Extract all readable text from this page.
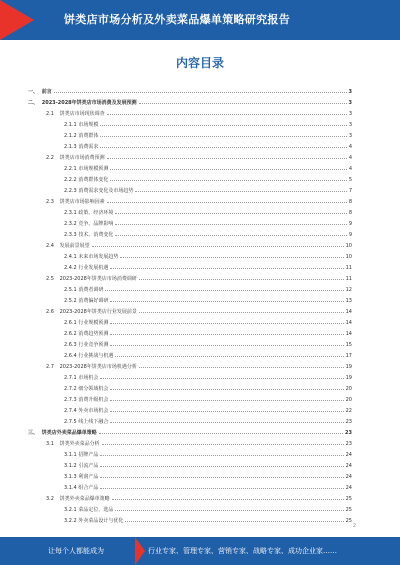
饼类店市场分析及外卖菜品爆单策略研究报告
内容目录
一、 前言	3
二、 2023-2028年饼类店市场消费及发展预测	3
2.1 饼类店市场现状调查	3
2.1.1 市场规模	3
2.1.2 消费群体	3
2.1.3 消费需求	4
2.2 饼类店市场消费预测	4
2.2.1 市场规模预测	4
2.2.2 消费群体变化	5
2.2.3 消费需求变化及市场趋势	7
2.3 饼类店市场影响因素	8
2.3.1 政策、经济环境	8
2.3.2 竞争、品牌影响	9
2.3.3 技术、消费变化	9
2.4 发展前景展望	10
2.4.1 未来市场发展趋势	10
2.4.2 行业发展机遇	11
2.5 2023-2028年饼类店市场消费调研	11
2.5.1 消费者调研	12
2.5.2 消费偏好调研	13
2.6 2023-2028年饼类店行业发展前景	14
2.6.1 行业规模预测	14
2.6.2 消费趋势预测	14
2.6.3 行业竞争预测	15
2.6.4 行业挑战与机遇	17
2.7 2023-2028年饼类店市场机遇分析	19
2.7.1 市场机会	19
2.7.2 细分领域机会	20
2.7.3 消费升级机会	20
2.7.4 外卖市场机会	22
2.7.5 线上线下融合	23
三、 饼类店外卖菜品爆单策略	23
3.1 饼类外卖菜品分析	23
3.1.1 招牌产品	24
3.1.2 引流产品	24
3.1.3 利润产品	24
3.1.4 组合产品	24
3.2 饼类外卖菜品爆单策略	25
3.2.1 菜品定位、选品	25
3.2.2 外卖菜品设计与优化	25
2
让每个人都能成为	行业专家、管理专家、营销专家、战略专家、成功企业家……
